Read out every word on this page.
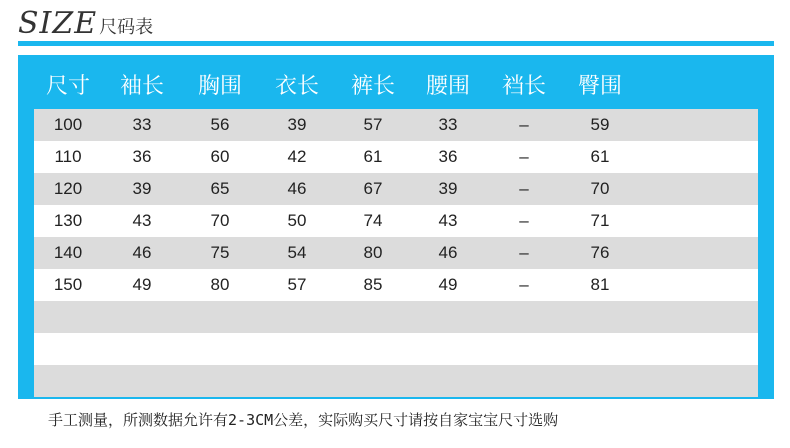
SIZE 尺码表
尺寸	袖长	胸围	衣长	裤长	腰围	裆长	臀围
100	33	56	39	57	33	–	59
110	36	60	42	61	36	–	61
120	39	65	46	67	39	–	70
130	43	70	50	74	43	–	71
140	46	75	54	80	46	–	76
150	49	80	57	85	49	–	81
手工测量，所测数据允许有2-3CM公差，实际购买尺寸请按自家宝宝尺寸选购
